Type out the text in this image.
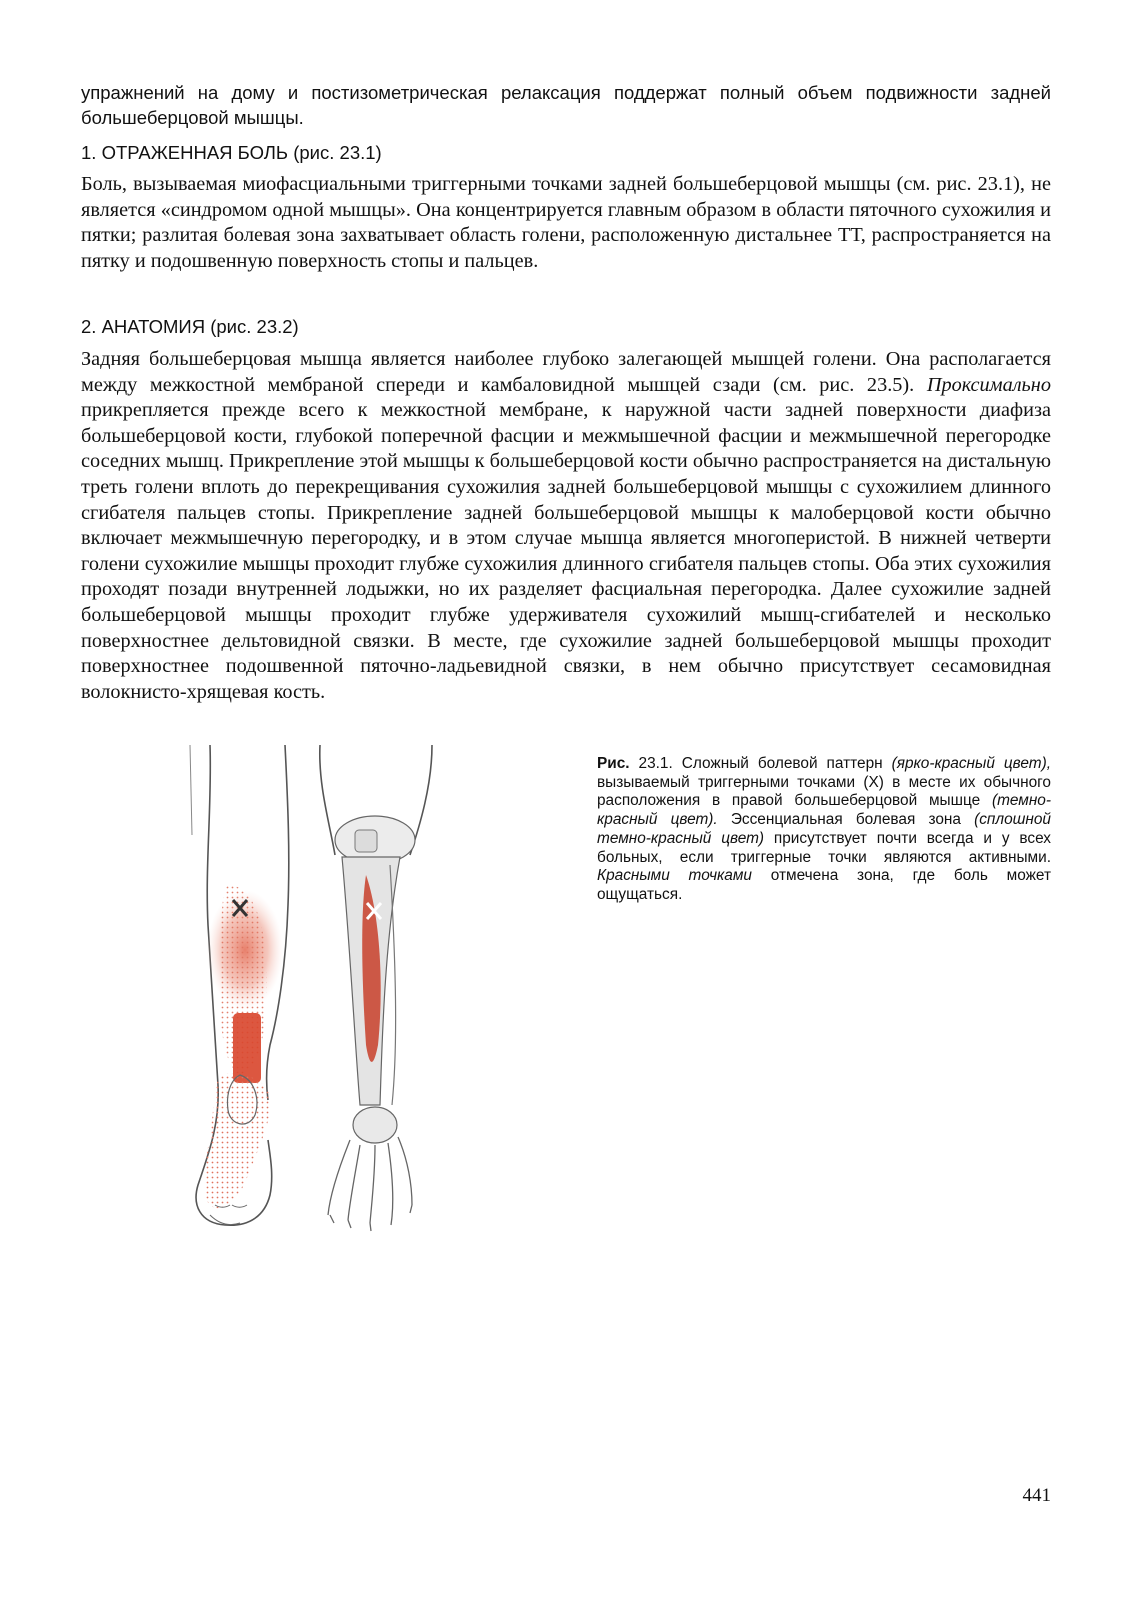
упражнений на дому и постизометрическая релаксация поддержат полный объем подвижности задней большеберцовой мышцы.

1. ОТРАЖЕННАЯ БОЛЬ (рис. 23.1)

Боль, вызываемая миофасциальными триггерными точками задней большеберцовой мышцы (см. рис. 23.1), не является «синдромом одной мышцы». Она концентрируется главным образом в области пяточного сухожилия и пятки; разлитая болевая зона захватывает область голени, расположенную дистальнее ТТ, распространяется на пятку и подошвенную поверхность стопы и пальцев.

2. АНАТОМИЯ (рис. 23.2)

Задняя большеберцовая мышца является наиболее глубоко залегающей мышцей голени. Она располагается между межкостной мембраной спереди и камбаловидной мышцей сзади (см. рис. 23.5). Проксимально прикрепляется прежде всего к межкостной мембране, к наружной части задней поверхности диафиза большеберцовой кости, глубокой поперечной фасции и межмышечной фасции и межмышечной перегородке соседних мышц. Прикрепление этой мышцы к большеберцовой кости обычно распространяется на дистальную треть голени вплоть до перекрещивания сухожилия задней большеберцовой мышцы с сухожилием длинного сгибателя пальцев стопы. Прикрепление задней большеберцовой мышцы к малоберцовой кости обычно включает межмышечную перегородку, и в этом случае мышца является многоперистой. В нижней четверти голени сухожилие мышцы проходит глубже сухожилия длинного сгибателя пальцев стопы. Оба этих сухожилия проходят позади внутренней лодыжки, но их разделяет фасциальная перегородка. Далее сухожилие задней большеберцовой мышцы проходит глубже удерживателя сухожилий мышц-сгибателей и несколько поверхностнее дельтовидной связки. В месте, где сухожилие задней большеберцовой мышцы проходит поверхностнее подошвенной пяточно-ладьевидной связки, в нем обычно присутствует сесамовидная волокнисто-хрящевая кость.

Рис. 23.1. Сложный болевой паттерн (ярко-красный цвет), вызываемый триггерными точками (X) в месте их обычного расположения в правой большеберцовой мышце (темно-красный цвет). Эссенциальная болевая зона (сплошной темно-красный цвет) присутствует почти всегда и у всех больных, если триггерные точки являются активными. Красными точками отмечена зона, где боль может ощущаться.

441
